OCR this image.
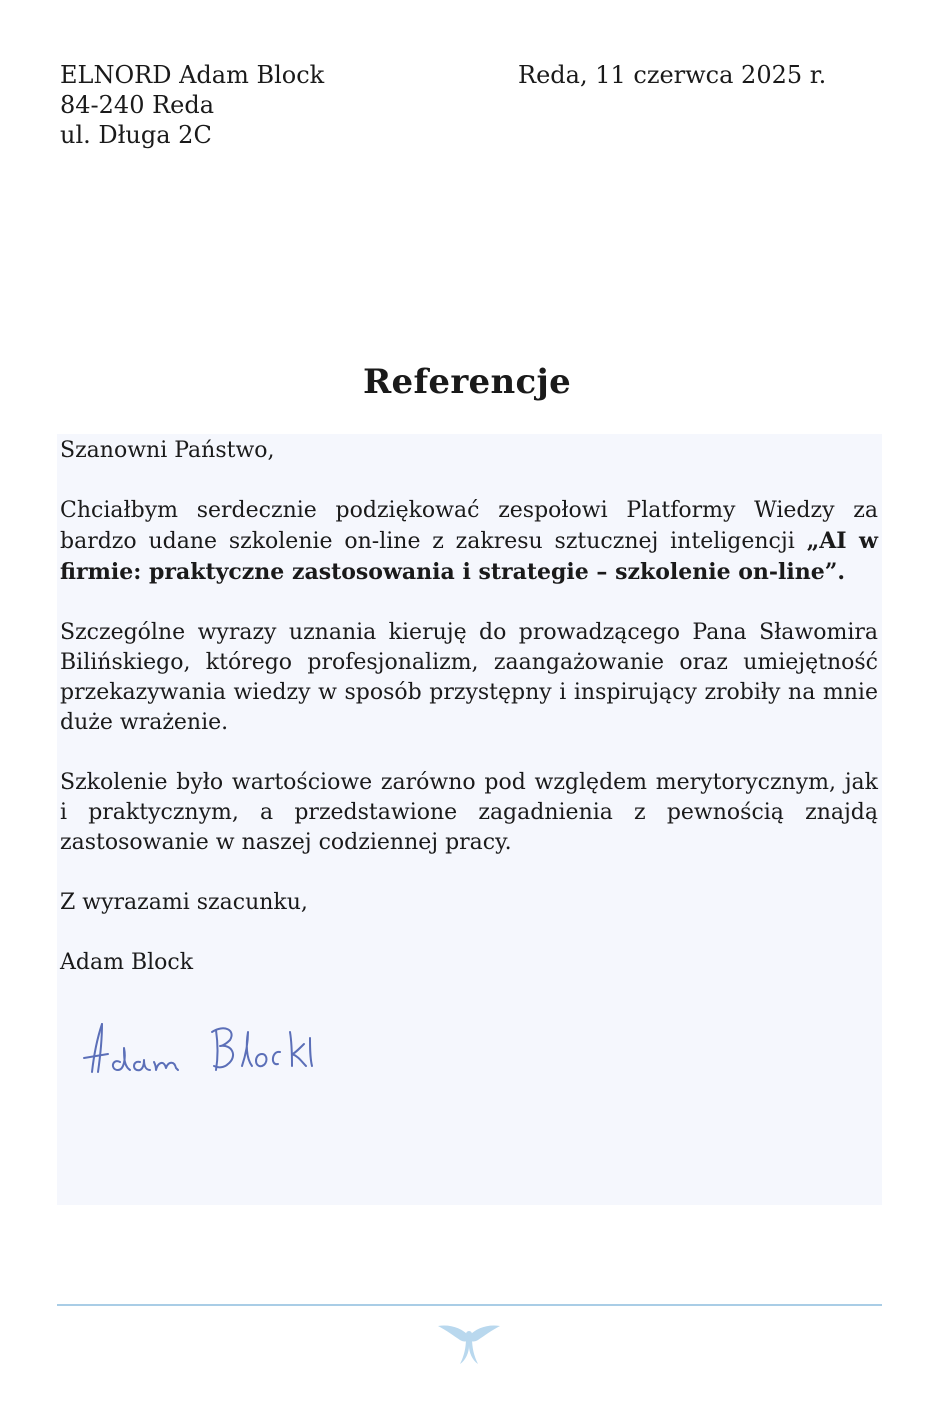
ELNORD Adam Block
84-240 Reda
ul. Długa 2C
Reda, 11 czerwca 2025 r.
Referencje

Szanowni Państwo,

Chciałbym serdecznie podziękować zespołowi Platformy Wiedzy za bardzo udane szkolenie on-line z zakresu sztucznej inteligencji „AI w firmie: praktyczne zastosowania i strategie – szkolenie on-line”.

Szczególne wyrazy uznania kieruję do prowadzącego Pana Sławomira Bilińskiego, którego profesjonalizm, zaangażowanie oraz umiejętność przekazywania wiedzy w sposób przystępny i inspirujący zrobiły na mnie duże wrażenie.

Szkolenie było wartościowe zarówno pod względem merytorycznym, jak i praktycznym, a przedstawione zagadnienia z pewnością znajdą zastosowanie w naszej codziennej pracy.

Z wyrazami szacunku,

Adam Block
